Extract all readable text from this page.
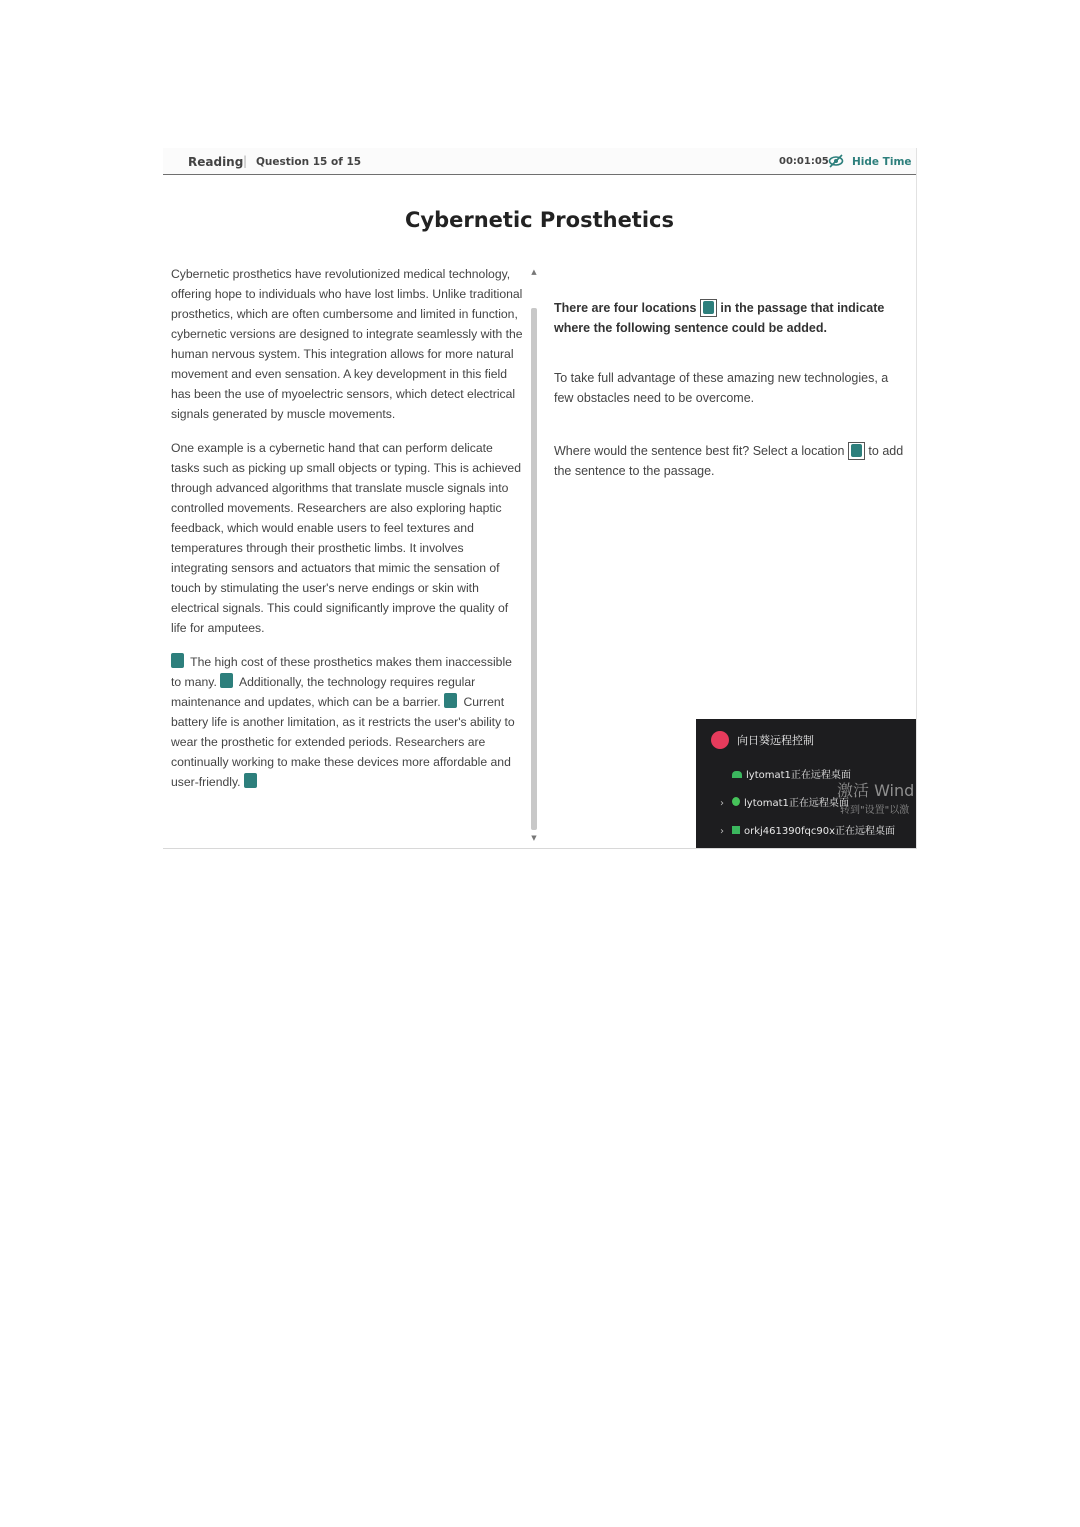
Reading | Question 15 of 15	00:01:05 Hide Time
Cybernetic Prosthetics

Cybernetic prosthetics have revolutionized medical technology, offering hope to individuals who have lost limbs. Unlike traditional prosthetics, which are often cumbersome and limited in function, cybernetic versions are designed to integrate seamlessly with the human nervous system. This integration allows for more natural movement and even sensation. A key development in this field has been the use of myoelectric sensors, which detect electrical signals generated by muscle movements.

One example is a cybernetic hand that can perform delicate tasks such as picking up small objects or typing. This is achieved through advanced algorithms that translate muscle signals into controlled movements. Researchers are also exploring haptic feedback, which would enable users to feel textures and temperatures through their prosthetic limbs. It involves integrating sensors and actuators that mimic the sensation of touch by stimulating the user's nerve endings or skin with electrical signals. This could significantly improve the quality of life for amputees.

The high cost of these prosthetics makes them inaccessible to many. Additionally, the technology requires regular maintenance and updates, which can be a barrier. Current battery life is another limitation, as it restricts the user's ability to wear the prosthetic for extended periods. Researchers are continually working to make these devices more affordable and user-friendly.

▲
▼

There are four locations in the passage that indicate where the following sentence could be added.

To take full advantage of these amazing new technologies, a few obstacles need to be overcome.

Where would the sentence best fit? Select a location to add the sentence to the passage.

向日葵远程控制
lytomat1正在远程桌面
› lytomat1正在远程桌面
› orkj461390fqc90x正在远程桌面
激活 Wind
转到"设置"以激
